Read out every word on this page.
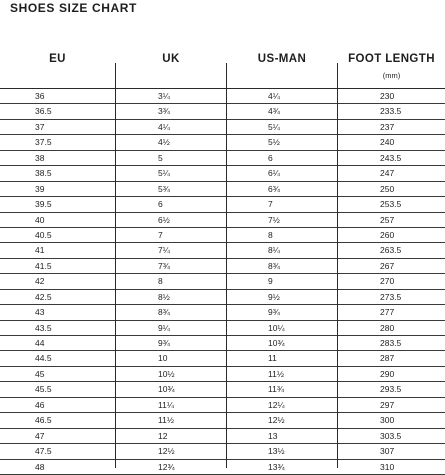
SHOES SIZE CHART
EU	UK	US-MAN	FOOT LENGTH
(mm)
36	3¼	4¼	230
36.5	3¾	4¾	233.5
37	4¼	5¼	237
37.5	4½	5½	240
38	5	6	243.5
38.5	5¼	6¼	247
39	5¾	6¾	250
39.5	6	7	253.5
40	6½	7½	257
40.5	7	8	260
41	7¼	8¼	263.5
41.5	7¾	8¾	267
42	8	9	270
42.5	8½	9½	273.5
43	8¾	9¾	277
43.5	9¼	10¼	280
44	9¾	10¾	283.5
44.5	10	11	287
45	10½	11½	290
45.5	10¾	11¾	293.5
46	11¼	12¼	297
46.5	11½	12½	300
47	12	13	303.5
47.5	12½	13½	307
48	12¾	13¾	310
